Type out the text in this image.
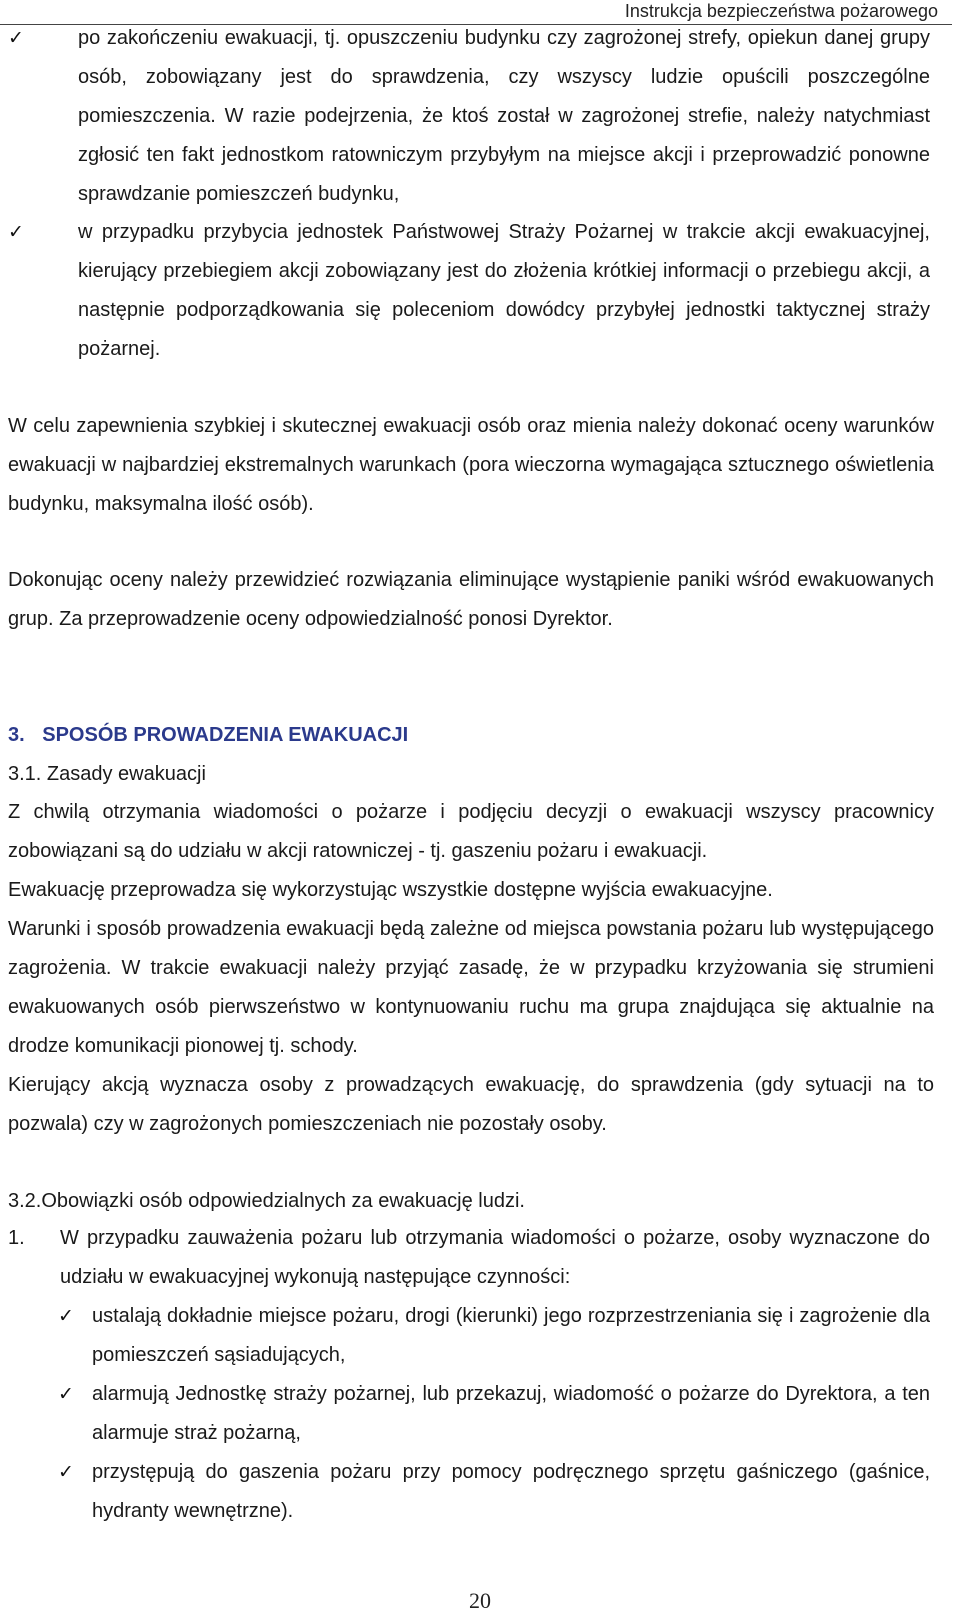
Instrukcja bezpieczeństwa pożarowego
✓	po zakończeniu ewakuacji, tj. opuszczeniu budynku czy zagrożonej strefy, opiekun danej grupy osób, zobowiązany jest do sprawdzenia, czy wszyscy ludzie opuścili poszczególne pomieszczenia. W razie podejrzenia, że ktoś został w zagrożonej strefie, należy natychmiast zgłosić ten fakt jednostkom ratowniczym przybyłym na miejsce akcji i przeprowadzić ponowne sprawdzanie pomieszczeń budynku,
✓	w przypadku przybycia jednostek Państwowej Straży Pożarnej w trakcie akcji ewakuacyjnej, kierujący przebiegiem akcji zobowiązany jest do złożenia krótkiej informacji o przebiegu akcji, a następnie podporządkowania się poleceniom dowódcy przybyłej jednostki taktycznej straży pożarnej.
W celu zapewnienia szybkiej i skutecznej ewakuacji osób oraz mienia należy dokonać oceny warunków ewakuacji w najbardziej ekstremalnych warunkach (pora wieczorna wymagająca sztucznego oświetlenia budynku, maksymalna ilość osób).
Dokonując oceny należy przewidzieć rozwiązania eliminujące wystąpienie paniki wśród ewakuowanych grup. Za przeprowadzenie oceny odpowiedzialność ponosi Dyrektor.
3. SPOSÓB PROWADZENIA EWAKUACJI
3.1. Zasady ewakuacji
Z chwilą otrzymania wiadomości o pożarze i podjęciu decyzji o ewakuacji wszyscy pracownicy zobowiązani są do udziału w akcji ratowniczej - tj. gaszeniu pożaru i ewakuacji.
Ewakuację przeprowadza się wykorzystując wszystkie dostępne wyjścia ewakuacyjne.
Warunki i sposób prowadzenia ewakuacji będą zależne od miejsca powstania pożaru lub występującego zagrożenia. W trakcie ewakuacji należy przyjąć zasadę, że w przypadku krzyżowania się strumieni ewakuowanych osób pierwszeństwo w kontynuowaniu ruchu ma grupa znajdująca się aktualnie na drodze komunikacji pionowej tj. schody.
Kierujący akcją wyznacza osoby z prowadzących ewakuację, do sprawdzenia (gdy sytuacji na to pozwala) czy w zagrożonych pomieszczeniach nie pozostały osoby.
3.2.Obowiązki osób odpowiedzialnych za ewakuację ludzi.
1. W przypadku zauważenia pożaru lub otrzymania wiadomości o pożarze, osoby wyznaczone do udziału w ewakuacyjnej wykonują następujące czynności:
✓ ustalają dokładnie miejsce pożaru, drogi (kierunki) jego rozprzestrzeniania się i zagrożenie dla pomieszczeń sąsiadujących,
✓ alarmują Jednostkę straży pożarnej, lub przekazuj, wiadomość o pożarze do Dyrektora, a ten alarmuje straż pożarną,
✓ przystępują do gaszenia pożaru przy pomocy podręcznego sprzętu gaśniczego (gaśnice, hydranty wewnętrzne).
20
